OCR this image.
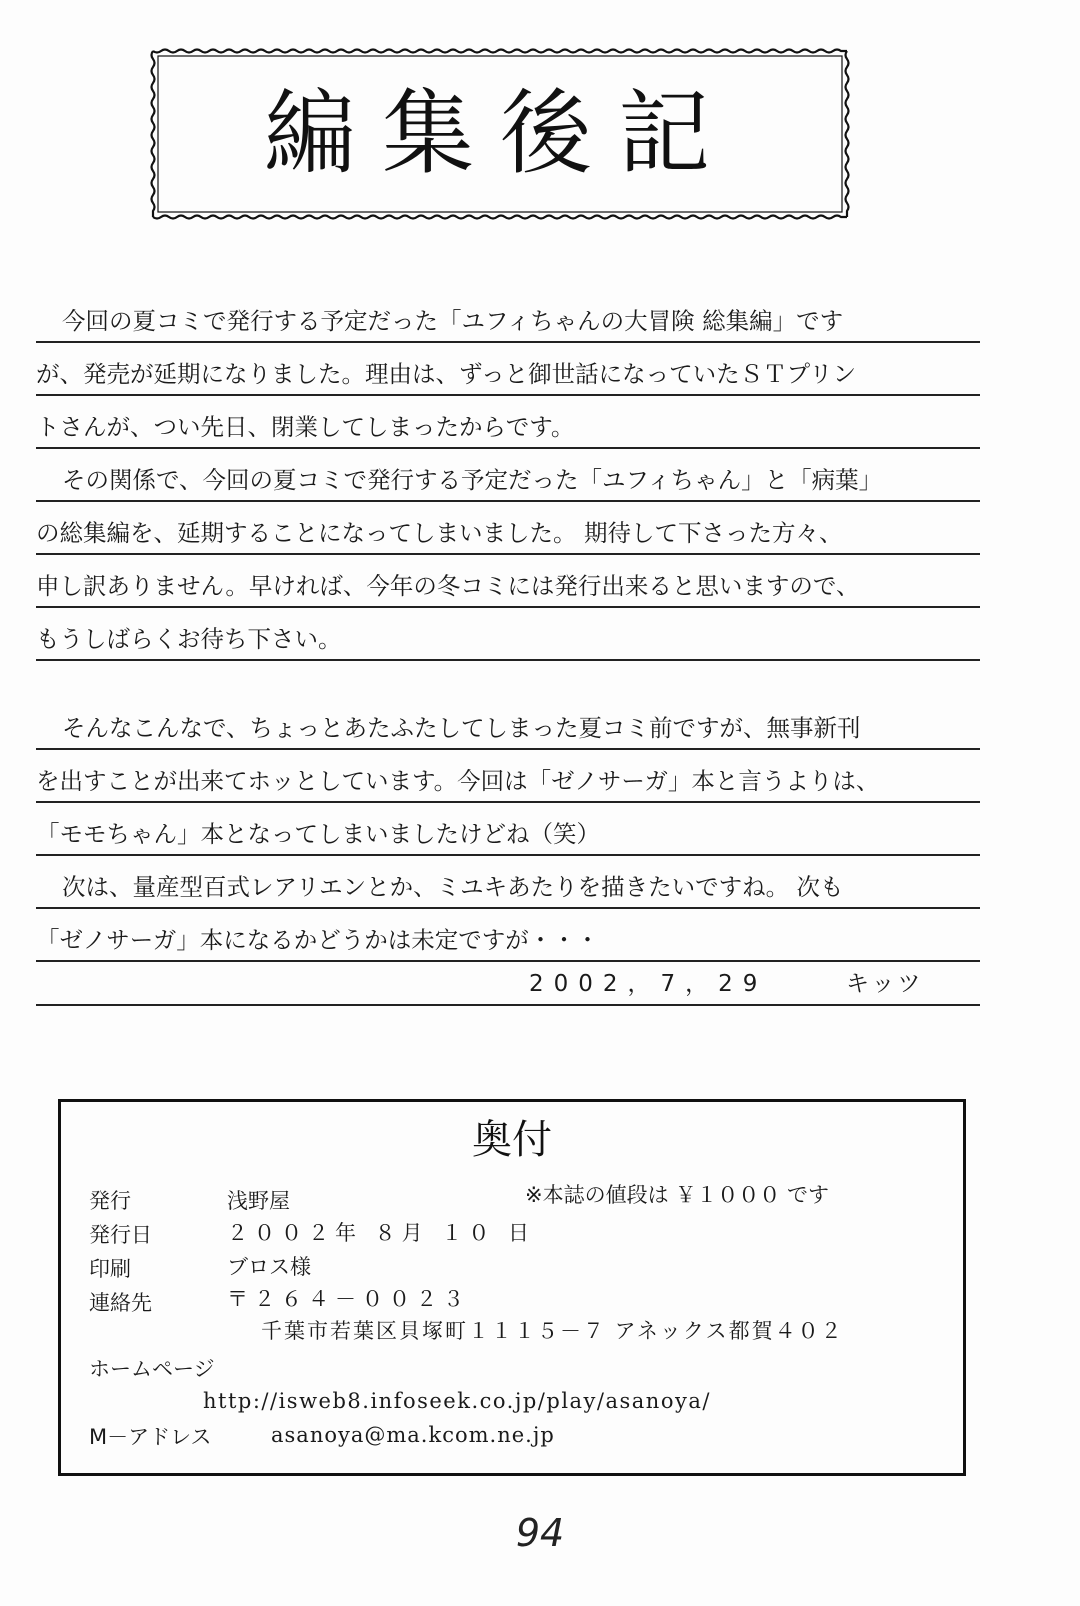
編集後記
今回の夏コミで発行する予定だった「ユフィちゃんの大冒険 総集編」です
が、発売が延期になりました。理由は、ずっと御世話になっていたＳＴプリン
トさんが、つい先日、閉業してしまったからです。
その関係で、今回の夏コミで発行する予定だった「ユフィちゃん」と「病葉」
の総集編を、延期することになってしまいました。 期待して下さった方々、
申し訳ありません。早ければ、今年の冬コミには発行出来ると思いますので、
もうしばらくお待ち下さい。
そんなこんなで、ちょっとあたふたしてしまった夏コミ前ですが、無事新刊
を出すことが出来てホッとしています。今回は「ゼノサーガ」本と言うよりは、
「モモちゃん」本となってしまいましたけどね（笑）
次は、量産型百式レアリエンとか、ミユキあたりを描きたいですね。 次も
「ゼノサーガ」本になるかどうかは未定ですが・・・
2002，7，29	キッツ
奥付
発行	浅野屋	※本誌の値段は ￥１０００ です
発行日	２００２年 ８月 １０ 日
印刷	ブロス様
連絡先	〒２６４－００２３
千葉市若葉区貝塚町１１１５－７ アネックス都賀４０２
ホームページ
http://isweb8.infoseek.co.jp/play/asanoya/
M－アドレス	asanoya@ma.kcom.ne.jp
94
